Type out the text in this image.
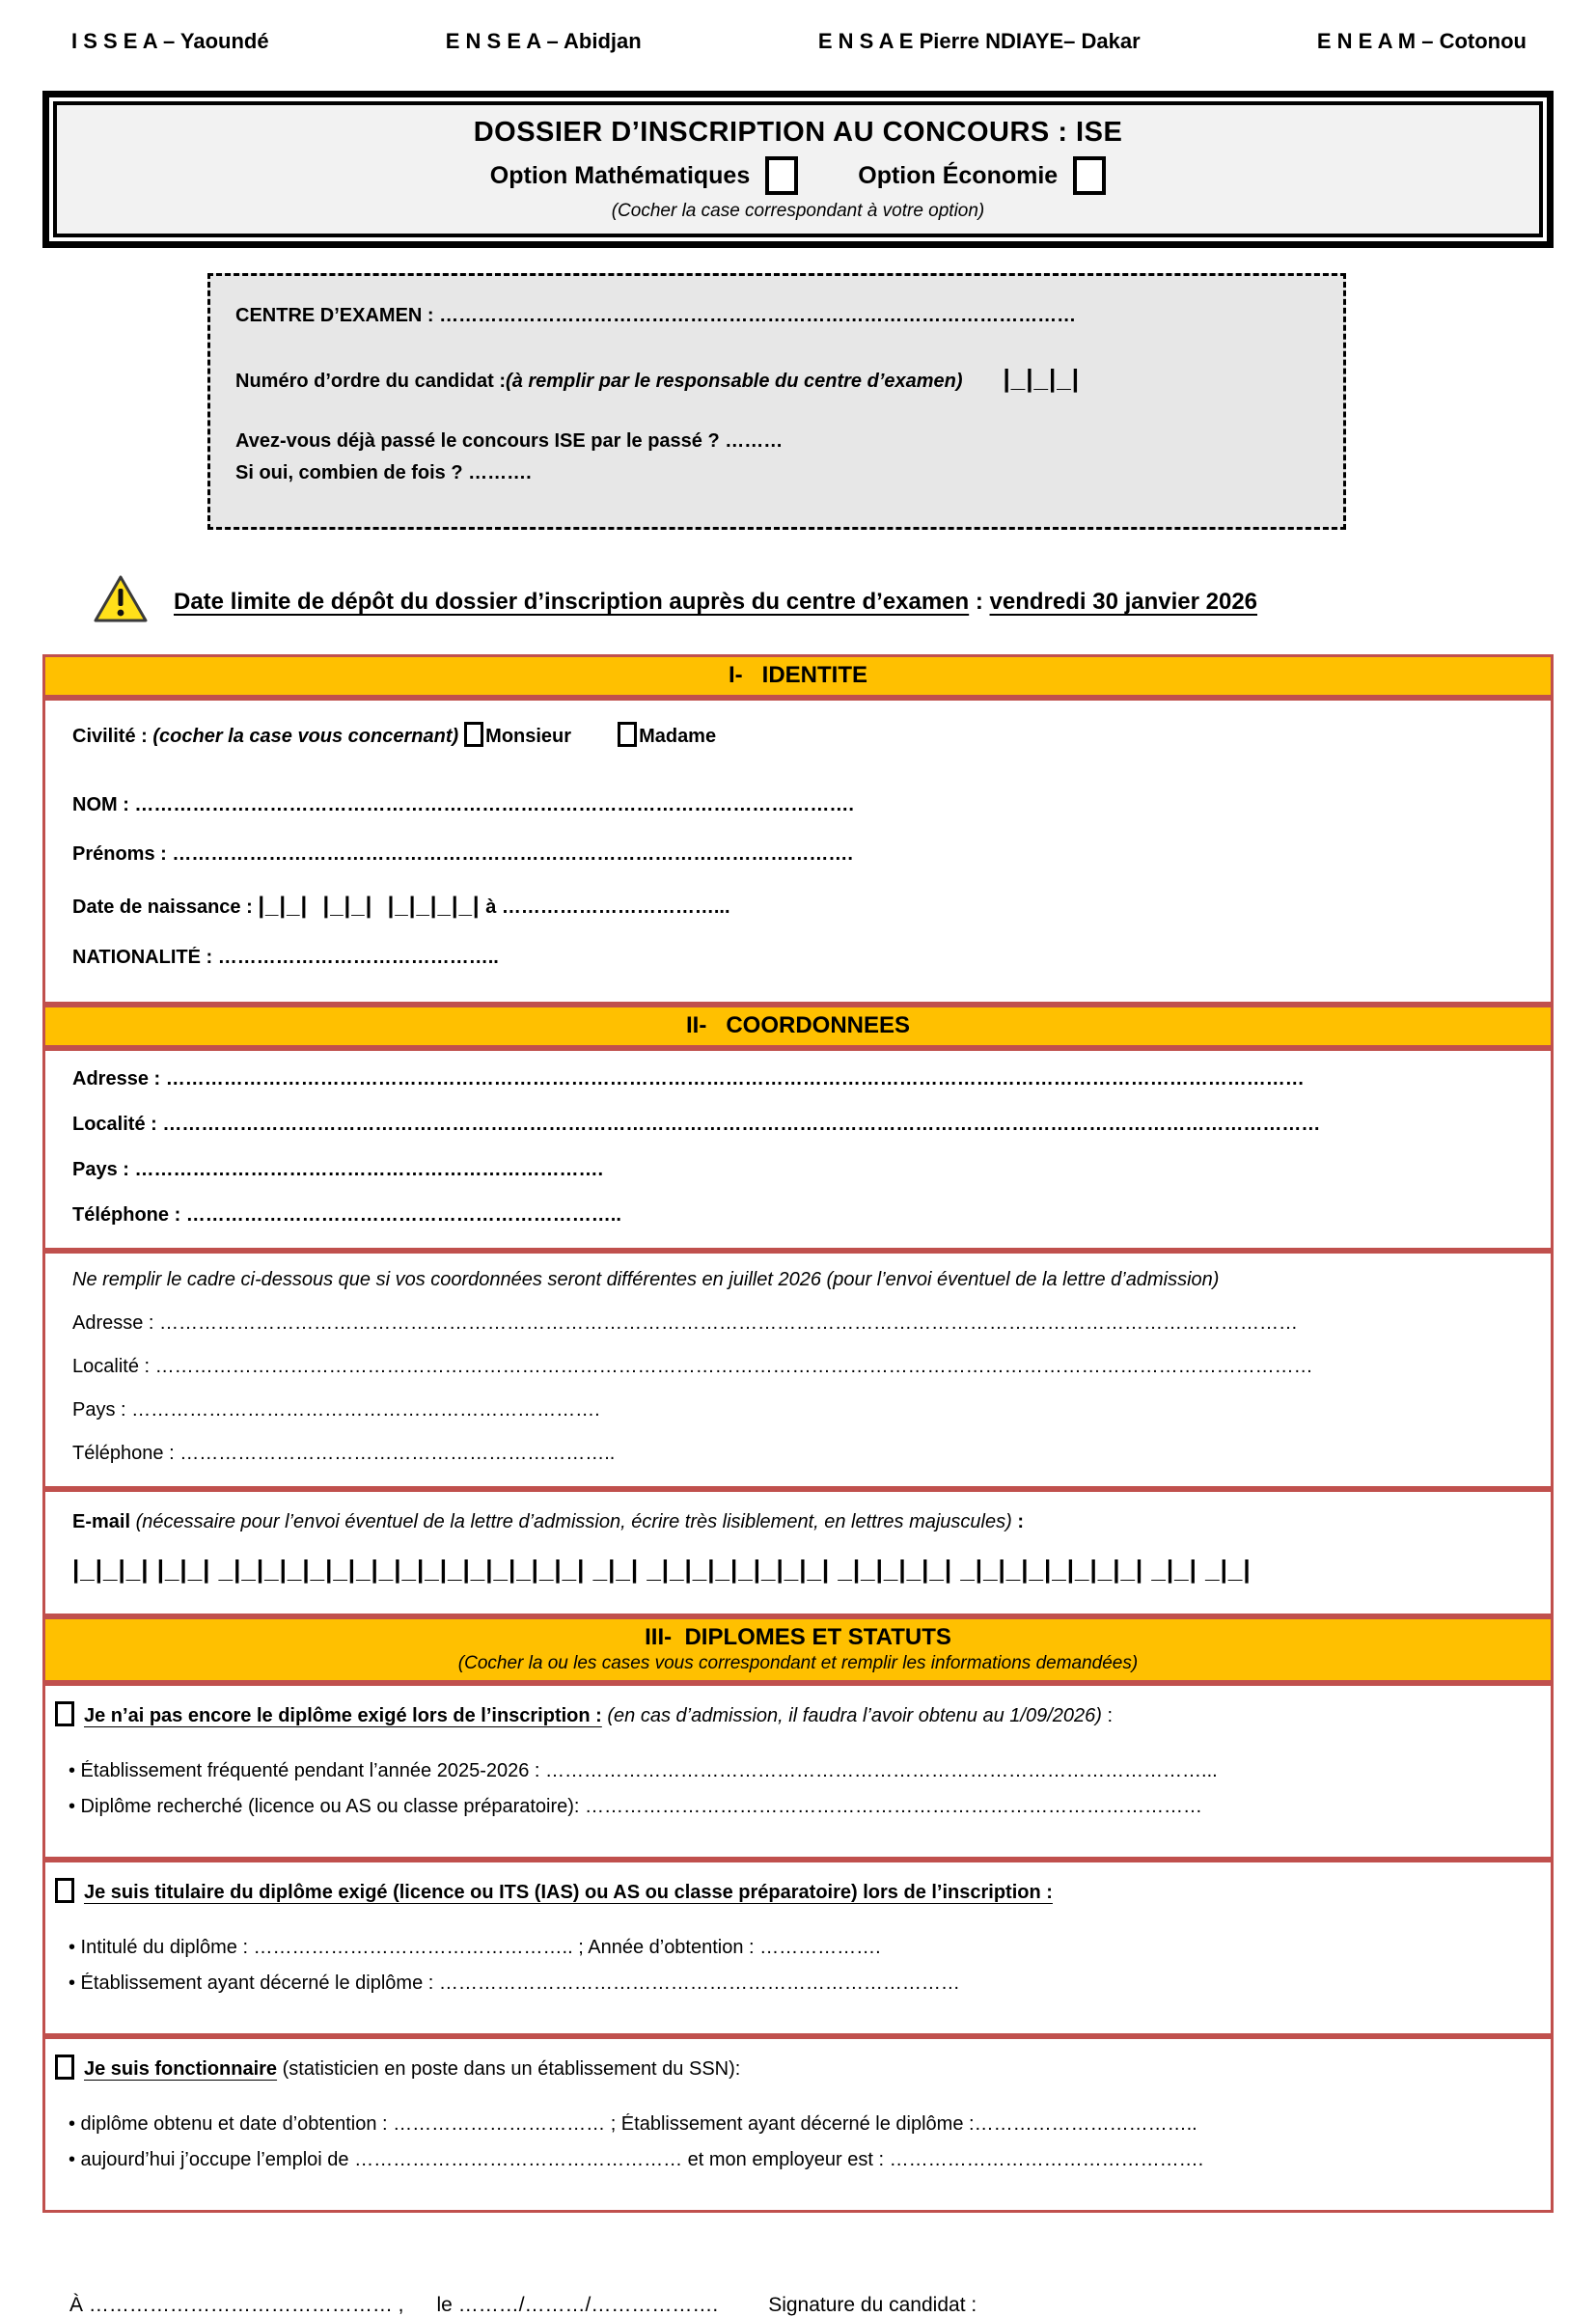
I S S E A – Yaoundé	E N S E A – Abidjan	E N S A E Pierre NDIAYE– Dakar	E N E A M – Cotonou
DOSSIER D’INSCRIPTION AU CONCOURS : ISE
Option Mathématiques	Option Économie
(Cocher la case correspondant à votre option)
CENTRE D’EXAMEN : ………………………………………………………………………………………
Numéro d’ordre du candidat :(à remplir par le responsable du centre d’examen) |_|_|_|
Avez-vous déjà passé le concours ISE par le passé ? ………
Si oui, combien de fois ? ……….
Date limite de dépôt du dossier d’inscription auprès du centre d’examen : vendredi 30 janvier 2026
I-   IDENTITE
Civilité : (cocher la case vous concernant) Monsieur	Madame
NOM : ………………………………………………………………………………………………….
Prénoms : …………………………………………………………………………………………….
Date de naissance : |_|_|  |_|_|  |_|_|_|_| à ……………………………...
NATIONALITÉ : ……………………………………..
II-   COORDONNEES
Adresse : ……………………………………………………………………………………………………………………………………………………………
Localité : ………………………………………………………………………………………………………………………………………………………………
Pays : ……………………………………………………………….
Téléphone : …………………………………………………………..
Ne remplir le cadre ci-dessous que si vos coordonnées seront différentes en juillet 2026 (pour l’envoi éventuel de la lettre d’admission)
Adresse : ……………………………………………………………………………………………………………………………………………………………
Localité : ………………………………………………………………………………………………………………………………………………………………
Pays : ……………………………………………………………….
Téléphone : …………………………………………………………..
E-mail (nécessaire pour l’envoi éventuel de la lettre d’admission, écrire très lisiblement, en lettres majuscules) :
|_|_|_| |_|_| _|_|_|_|_|_|_|_|_|_|_|_|_|_|_|_| _|_| _|_|_|_|_|_|_|_| _|_|_|_|_| _|_|_|_|_|_|_|_| _|_| _|_|
III-  DIPLOMES ET STATUTS
(Cocher la ou les cases vous correspondant et remplir les informations demandées)
Je n’ai pas encore le diplôme exigé lors de l’inscription : (en cas d’admission, il faudra l’avoir obtenu au 1/09/2026) :
• Établissement fréquenté pendant l’année 2025-2026 : …………………………………………………………………………………………...
• Diplôme recherché (licence ou AS ou classe préparatoire): ……………………………………………………………………………………
Je suis titulaire du diplôme exigé (licence ou ITS (IAS) ou AS ou classe préparatoire) lors de l’inscription :
• Intitulé du diplôme : ………………………………………….. ; Année d’obtention : ……………….
• Établissement ayant décerné le diplôme : ………………………………………………………………………
Je suis fonctionnaire (statisticien en poste dans un établissement du SSN):
• diplôme obtenu et date d’obtention : …………………………… ; Établissement ayant décerné le diplôme :……………………………..
• aujourd’hui j’occupe l’emploi de …………………………………………… et mon employeur est : ………………………………………….
À ……………………………………… , le ………/………/………………. Signature du candidat :
